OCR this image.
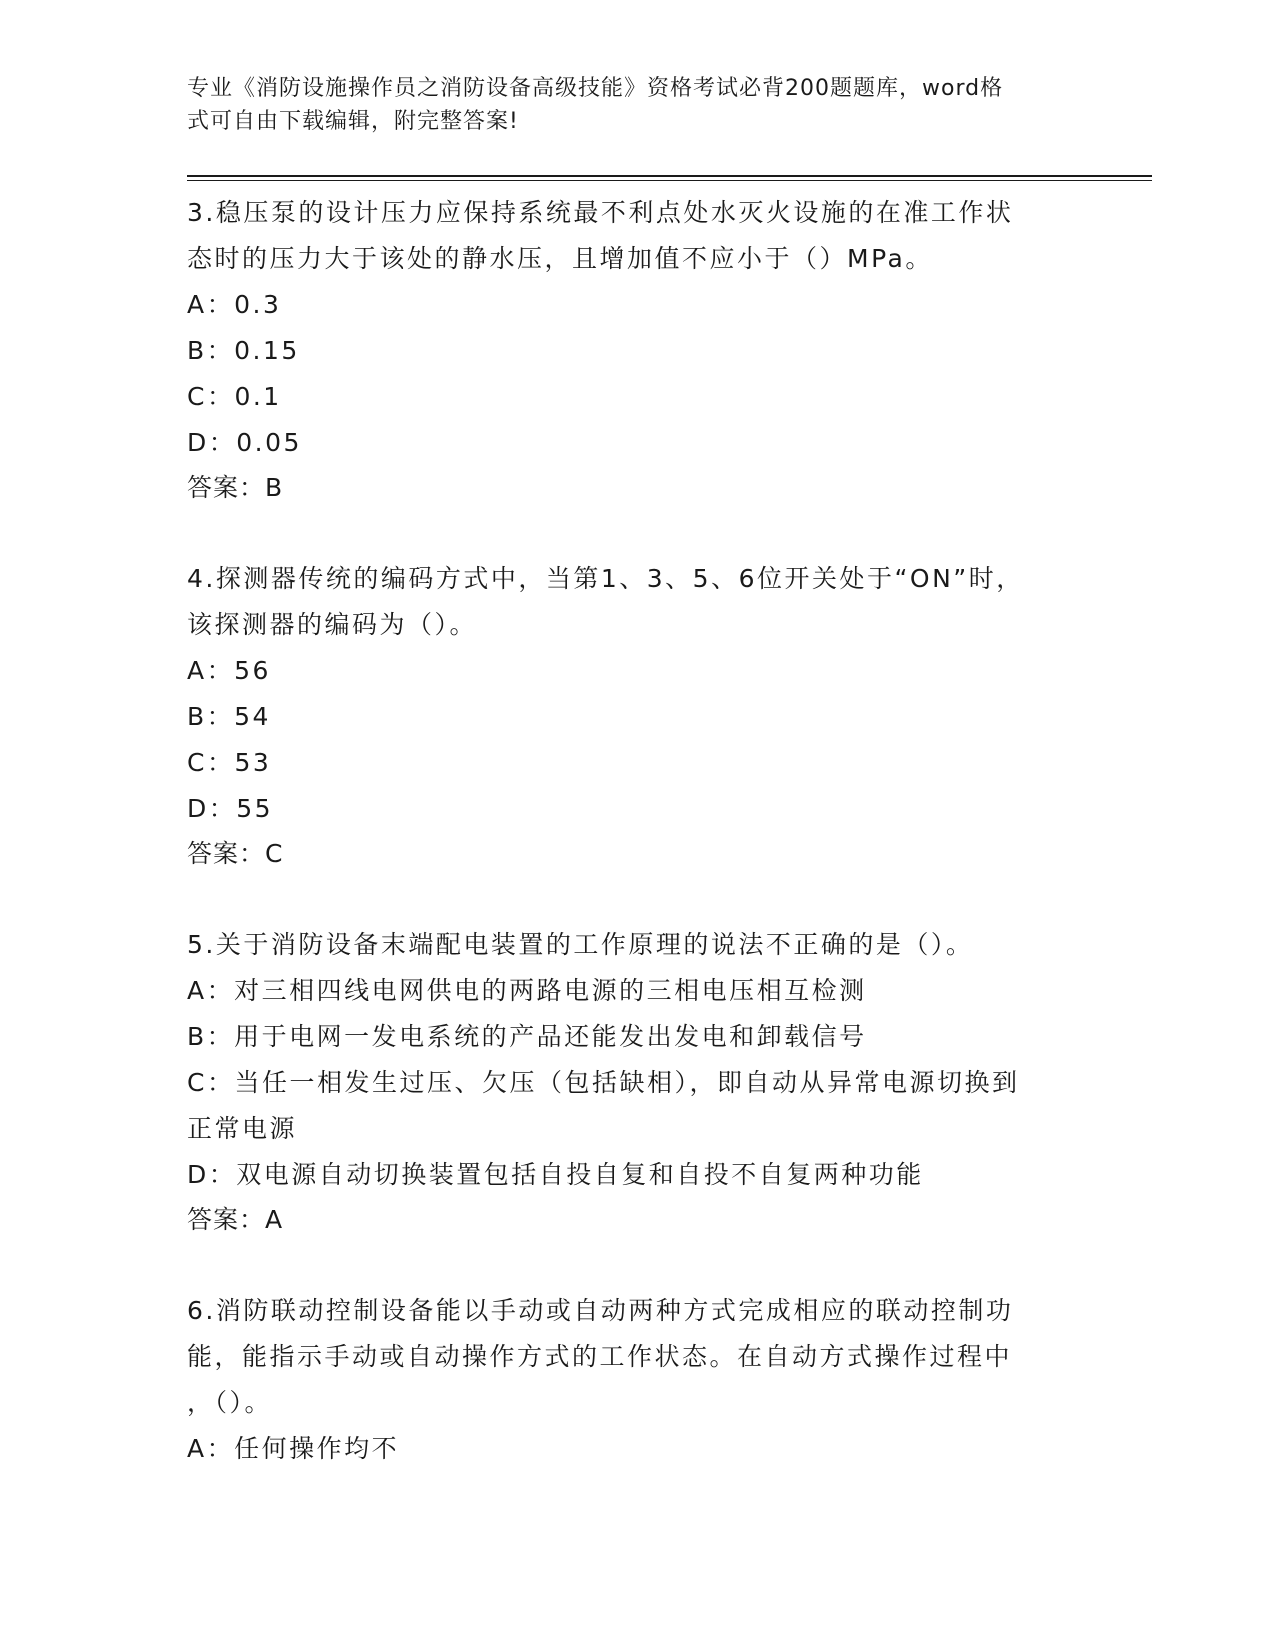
专业《消防设施操作员之消防设备高级技能》资格考试必背200题题库，word格
式可自由下载编辑，附完整答案!
3.稳压泵的设计压力应保持系统最不利点处水灭火设施的在准工作状
态时的压力大于该处的静水压，且增加值不应小于（）MPa。
A：0.3
B：0.15
C：0.1
D：0.05
答案：B
4.探测器传统的编码方式中，当第1、3、5、6位开关处于“ON”时，
该探测器的编码为（）。
A：56
B：54
C：53
D：55
答案：C
5.关于消防设备末端配电装置的工作原理的说法不正确的是（）。
A：对三相四线电网供电的两路电源的三相电压相互检测
B：用于电网一发电系统的产品还能发出发电和卸载信号
C：当任一相发生过压、欠压（包括缺相），即自动从异常电源切换到
正常电源
D：双电源自动切换装置包括自投自复和自投不自复两种功能
答案：A
6.消防联动控制设备能以手动或自动两种方式完成相应的联动控制功
能，能指示手动或自动操作方式的工作状态。在自动方式操作过程中
，（）。
A：任何操作均不
